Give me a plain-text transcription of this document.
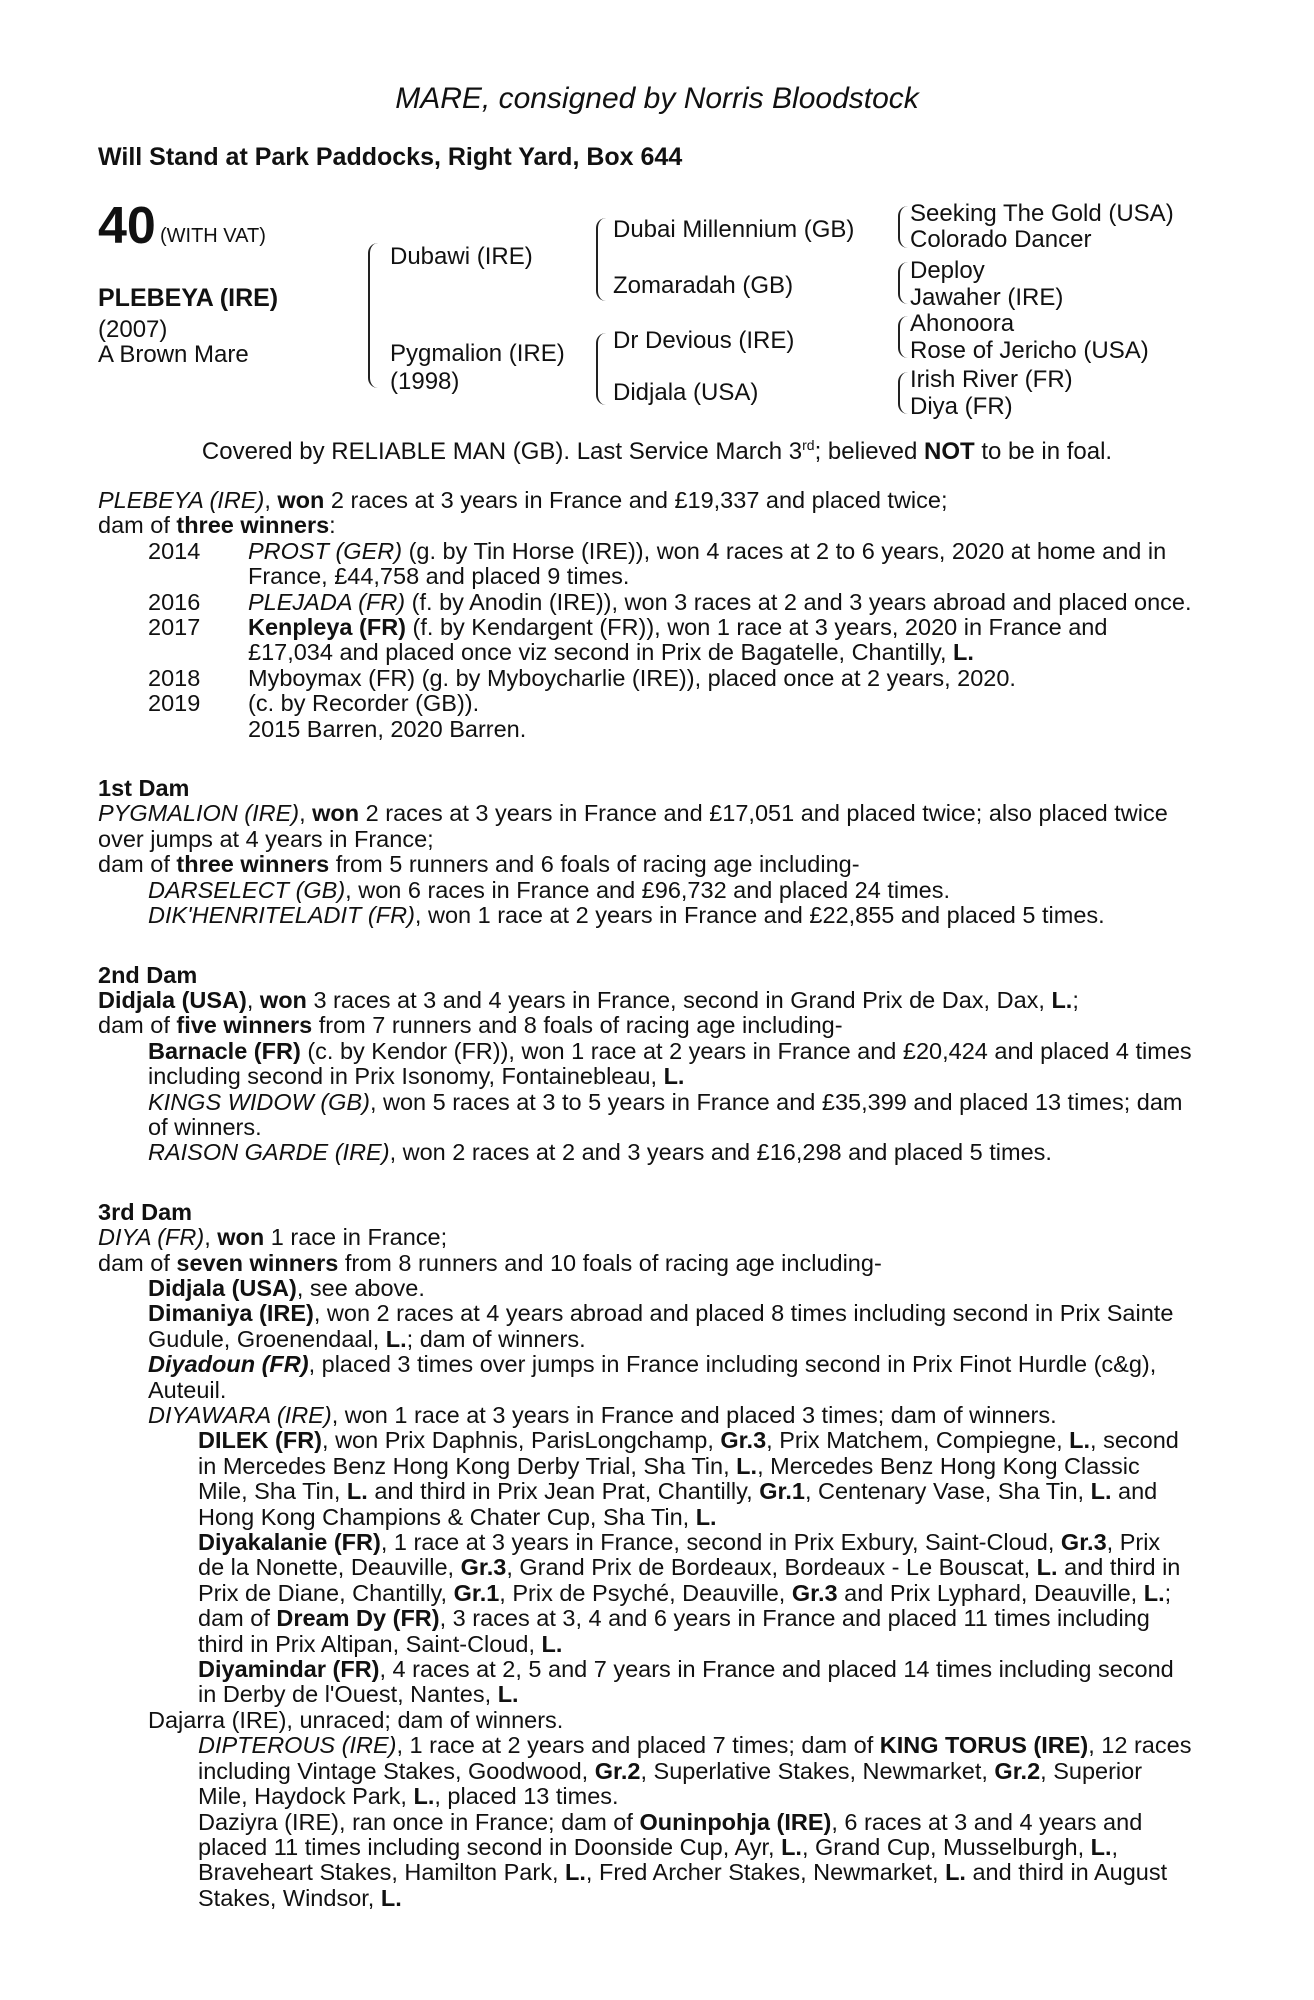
MARE, consigned by Norris Bloodstock
Will Stand at Park Paddocks, Right Yard, Box 644
40 (WITH VAT)
PLEBEYA (IRE)
(2007)
A Brown Mare
Dubawi (IRE)
Pygmalion (IRE)
(1998)
Dubai Millennium (GB)
Zomaradah (GB)
Dr Devious (IRE)
Didjala (USA)
Seeking The Gold (USA)
Colorado Dancer
Deploy
Jawaher (IRE)
Ahonoora
Rose of Jericho (USA)
Irish River (FR)
Diya (FR)
Covered by RELIABLE MAN (GB). Last Service March 3rd; believed NOT to be in foal.

PLEBEYA (IRE), won 2 races at 3 years in France and £19,337 and placed twice;

dam of three winners:

2014	PROST (GER) (g. by Tin Horse (IRE)), won 4 races at 2 to 6 years, 2020 at home and in France, £44,758 and placed 9 times.
2016	PLEJADA (FR) (f. by Anodin (IRE)), won 3 races at 2 and 3 years abroad and placed once.
2017	Kenpleya (FR) (f. by Kendargent (FR)), won 1 race at 3 years, 2020 in France and £17,034 and placed once viz second in Prix de Bagatelle, Chantilly, L.
2018	Myboymax (FR) (g. by Myboycharlie (IRE)), placed once at 2 years, 2020.
2019	(c. by Recorder (GB)).
2015 Barren, 2020 Barren.

1st Dam

PYGMALION (IRE), won 2 races at 3 years in France and £17,051 and placed twice; also placed twice over jumps at 4 years in France;

dam of three winners from 5 runners and 6 foals of racing age including-

DARSELECT (GB), won 6 races in France and £96,732 and placed 24 times.

DIK'HENRITELADIT (FR), won 1 race at 2 years in France and £22,855 and placed 5 times.

2nd Dam

Didjala (USA), won 3 races at 3 and 4 years in France, second in Grand Prix de Dax, Dax, L.;

dam of five winners from 7 runners and 8 foals of racing age including-

Barnacle (FR) (c. by Kendor (FR)), won 1 race at 2 years in France and £20,424 and placed 4 times including second in Prix Isonomy, Fontainebleau, L.

KINGS WIDOW (GB), won 5 races at 3 to 5 years in France and £35,399 and placed 13 times; dam of winners.

RAISON GARDE (IRE), won 2 races at 2 and 3 years and £16,298 and placed 5 times.

3rd Dam

DIYA (FR), won 1 race in France;

dam of seven winners from 8 runners and 10 foals of racing age including-

Didjala (USA), see above.

Dimaniya (IRE), won 2 races at 4 years abroad and placed 8 times including second in Prix Sainte Gudule, Groenendaal, L.; dam of winners.

Diyadoun (FR), placed 3 times over jumps in France including second in Prix Finot Hurdle (c&g), Auteuil.

DIYAWARA (IRE), won 1 race at 3 years in France and placed 3 times; dam of winners.

DILEK (FR), won Prix Daphnis, ParisLongchamp, Gr.3, Prix Matchem, Compiegne, L., second in Mercedes Benz Hong Kong Derby Trial, Sha Tin, L., Mercedes Benz Hong Kong Classic Mile, Sha Tin, L. and third in Prix Jean Prat, Chantilly, Gr.1, Centenary Vase, Sha Tin, L. and Hong Kong Champions & Chater Cup, Sha Tin, L.

Diyakalanie (FR), 1 race at 3 years in France, second in Prix Exbury, Saint-Cloud, Gr.3, Prix de la Nonette, Deauville, Gr.3, Grand Prix de Bordeaux, Bordeaux - Le Bouscat, L. and third in Prix de Diane, Chantilly, Gr.1, Prix de Psyché, Deauville, Gr.3 and Prix Lyphard, Deauville, L.; dam of Dream Dy (FR), 3 races at 3, 4 and 6 years in France and placed 11 times including third in Prix Altipan, Saint-Cloud, L.

Diyamindar (FR), 4 races at 2, 5 and 7 years in France and placed 14 times including second in Derby de l'Ouest, Nantes, L.

Dajarra (IRE), unraced; dam of winners.

DIPTEROUS (IRE), 1 race at 2 years and placed 7 times; dam of KING TORUS (IRE), 12 races including Vintage Stakes, Goodwood, Gr.2, Superlative Stakes, Newmarket, Gr.2, Superior Mile, Haydock Park, L., placed 13 times.

Daziyra (IRE), ran once in France; dam of Ouninpohja (IRE), 6 races at 3 and 4 years and placed 11 times including second in Doonside Cup, Ayr, L., Grand Cup, Musselburgh, L., Braveheart Stakes, Hamilton Park, L., Fred Archer Stakes, Newmarket, L. and third in August Stakes, Windsor, L.
